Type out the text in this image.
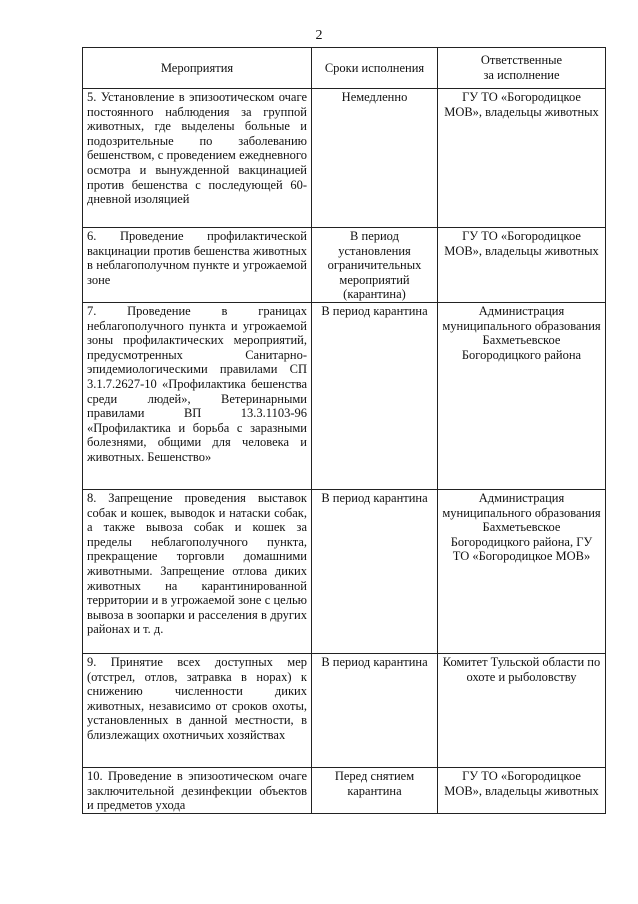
2
Мероприятия	Сроки исполнения	Ответственные
за исполнение

5. Установление в эпизоотическом очаге постоянного наблюдения за группой животных, где выделены больные и подозрительные по заболеванию бешенством, с проведением ежедневного осмотра и вынужденной вакцинацией против бешенства с последующей 60-дневной изоляцией	Немедленно	ГУ ТО «Богородицкое МОВ», владельцы животных
6. Проведение профилактической вакцинации против бешенства животных в неблагополучном пункте и угрожаемой зоне	В период установления ограничительных мероприятий (карантина)	ГУ ТО «Богородицкое МОВ», владельцы животных
7. Проведение в границах неблагополучного пункта и угрожаемой зоны профилактических мероприятий, предусмотренных Санитарно-эпидемиологическими правилами СП 3.1.7.2627-10 «Профилактика бешенства среди людей», Ветеринарными правилами ВП 13.3.1103-96 «Профилактика и борьба с заразными болезнями, общими для человека и животных. Бешенство»	В период карантина	Администрация муниципального образования Бахметьевское Богородицкого района
8. Запрещение проведения выставок собак и кошек, выводок и натаски собак, а также вывоза собак и кошек за пределы неблагополучного пункта, прекращение торговли домашними животными. Запрещение отлова диких животных на карантинированной территории и в угрожаемой зоне с целью вывоза в зоопарки и расселения в других районах и т. д.	В период карантина	Администрация муниципального образования Бахметьевское Богородицкого района, ГУ ТО «Богородицкое МОВ»
9. Принятие всех доступных мер (отстрел, отлов, затравка в норах) к снижению численности диких животных, независимо от сроков охоты, установленных в данной местности, в близлежащих охотничьих хозяйствах	В период карантина	Комитет Тульской области по охоте и рыболовству
10. Проведение в эпизоотическом очаге заключительной дезинфекции объектов и предметов ухода	Перед снятием карантина	ГУ ТО «Богородицкое МОВ», владельцы животных
